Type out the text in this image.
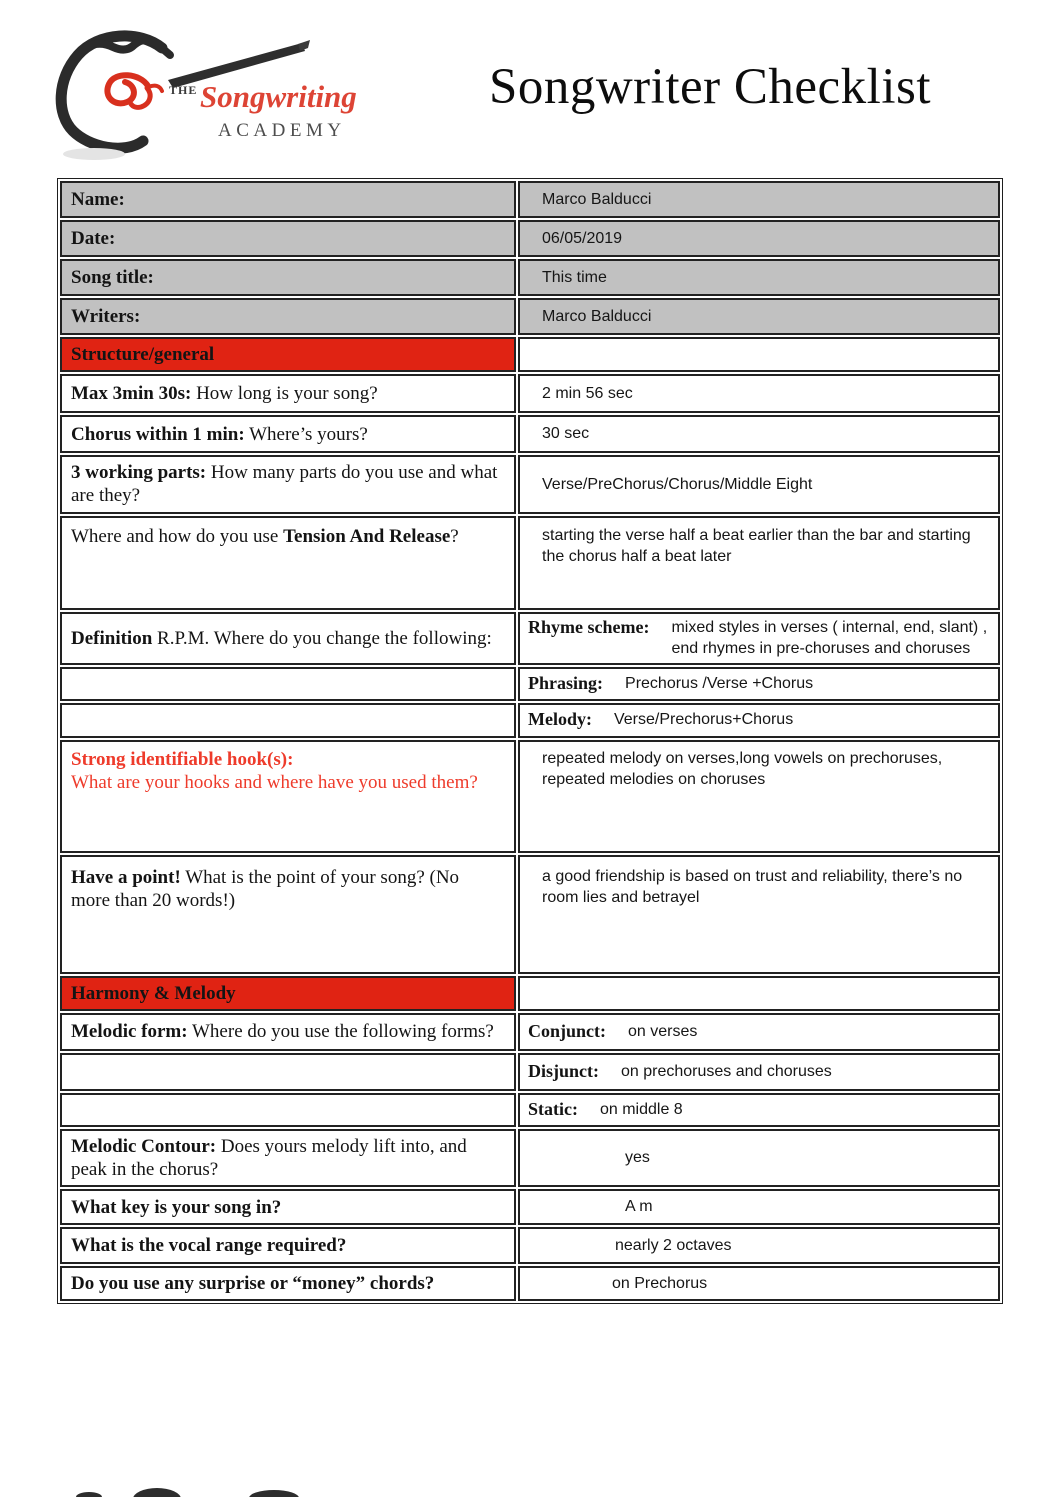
THE Songwriting
ACADEMY
Songwriter Checklist
Name:	Marco Balducci

Date:	06/05/2019

Song title:	This time

Writers:	Marco Balducci

Structure/general	

Max 3min 30s: How long is your song?	2 min 56 sec

Chorus within 1 min: Where’s yours?	30 sec

3 working parts: How many parts do you use and what are they?	Verse/PreChorus/Chorus/Middle Eight

Where and how do you use Tension And Release?	starting the verse half a beat earlier than the bar and starting the chorus half a beat later

Definition R.P.M. Where do you change the following:	Rhyme scheme: mixed styles in verses ( internal, end, slant) , end rhymes in pre-choruses and choruses

	Phrasing: Prechorus /Verse +Chorus

	Melody: Verse/Prechorus+Chorus

Strong identifiable hook(s):
What are your hooks and where have you used them?	repeated melody on verses,long vowels on prechoruses, repeated melodies on choruses

Have a point! What is the point of your song? (No more than 20 words!)	a good friendship is based on trust and reliability, there’s no room lies and betrayel

Harmony & Melody	

Melodic form: Where do you use the following forms?	Conjunct: on verses

	Disjunct: on prechoruses and choruses

	Static: on middle 8

Melodic Contour: Does yours melody lift into, and peak in the chorus?	yes

What key is your song in?	A m

What is the vocal range required?	nearly 2 octaves

Do you use any surprise or “money” chords?	on Prechorus
